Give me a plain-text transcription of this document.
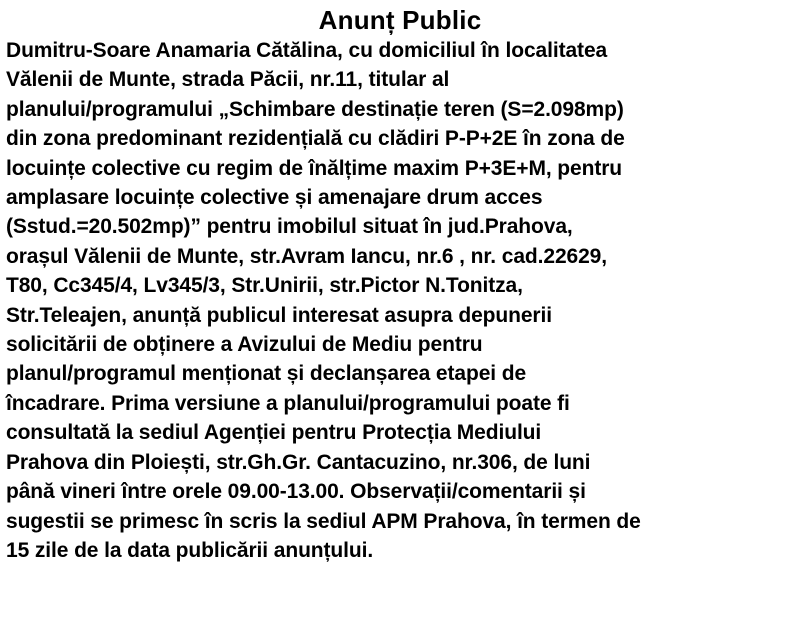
Anunț Public
Dumitru-Soare Anamaria Cătălina, cu domiciliul în localitatea
Vălenii de Munte, strada Păcii, nr.11, titular al
planului/programului „Schimbare destinație teren (S=2.098mp)
din zona predominant rezidențială cu clădiri P-P+2E în zona de
locuințe colective cu regim de înălțime maxim P+3E+M, pentru
amplasare locuințe colective și amenajare drum acces
(Sstud.=20.502mp)” pentru imobilul situat în jud.Prahova,
orașul Vălenii de Munte, str.Avram Iancu, nr.6 , nr. cad.22629,
T80, Cc345/4, Lv345/3, Str.Unirii, str.Pictor N.Tonitza,
Str.Teleajen, anunță publicul interesat asupra depunerii
solicitării de obținere a Avizului de Mediu pentru
planul/programul menționat și declanșarea etapei de
încadrare. Prima versiune a planului/programului poate fi
consultată la sediul Agenției pentru Protecția Mediului
Prahova din Ploiești, str.Gh.Gr. Cantacuzino, nr.306, de luni
până vineri între orele 09.00-13.00. Observații/comentarii și
sugestii se primesc în scris la sediul APM Prahova, în termen de
15 zile de la data publicării anunțului.
